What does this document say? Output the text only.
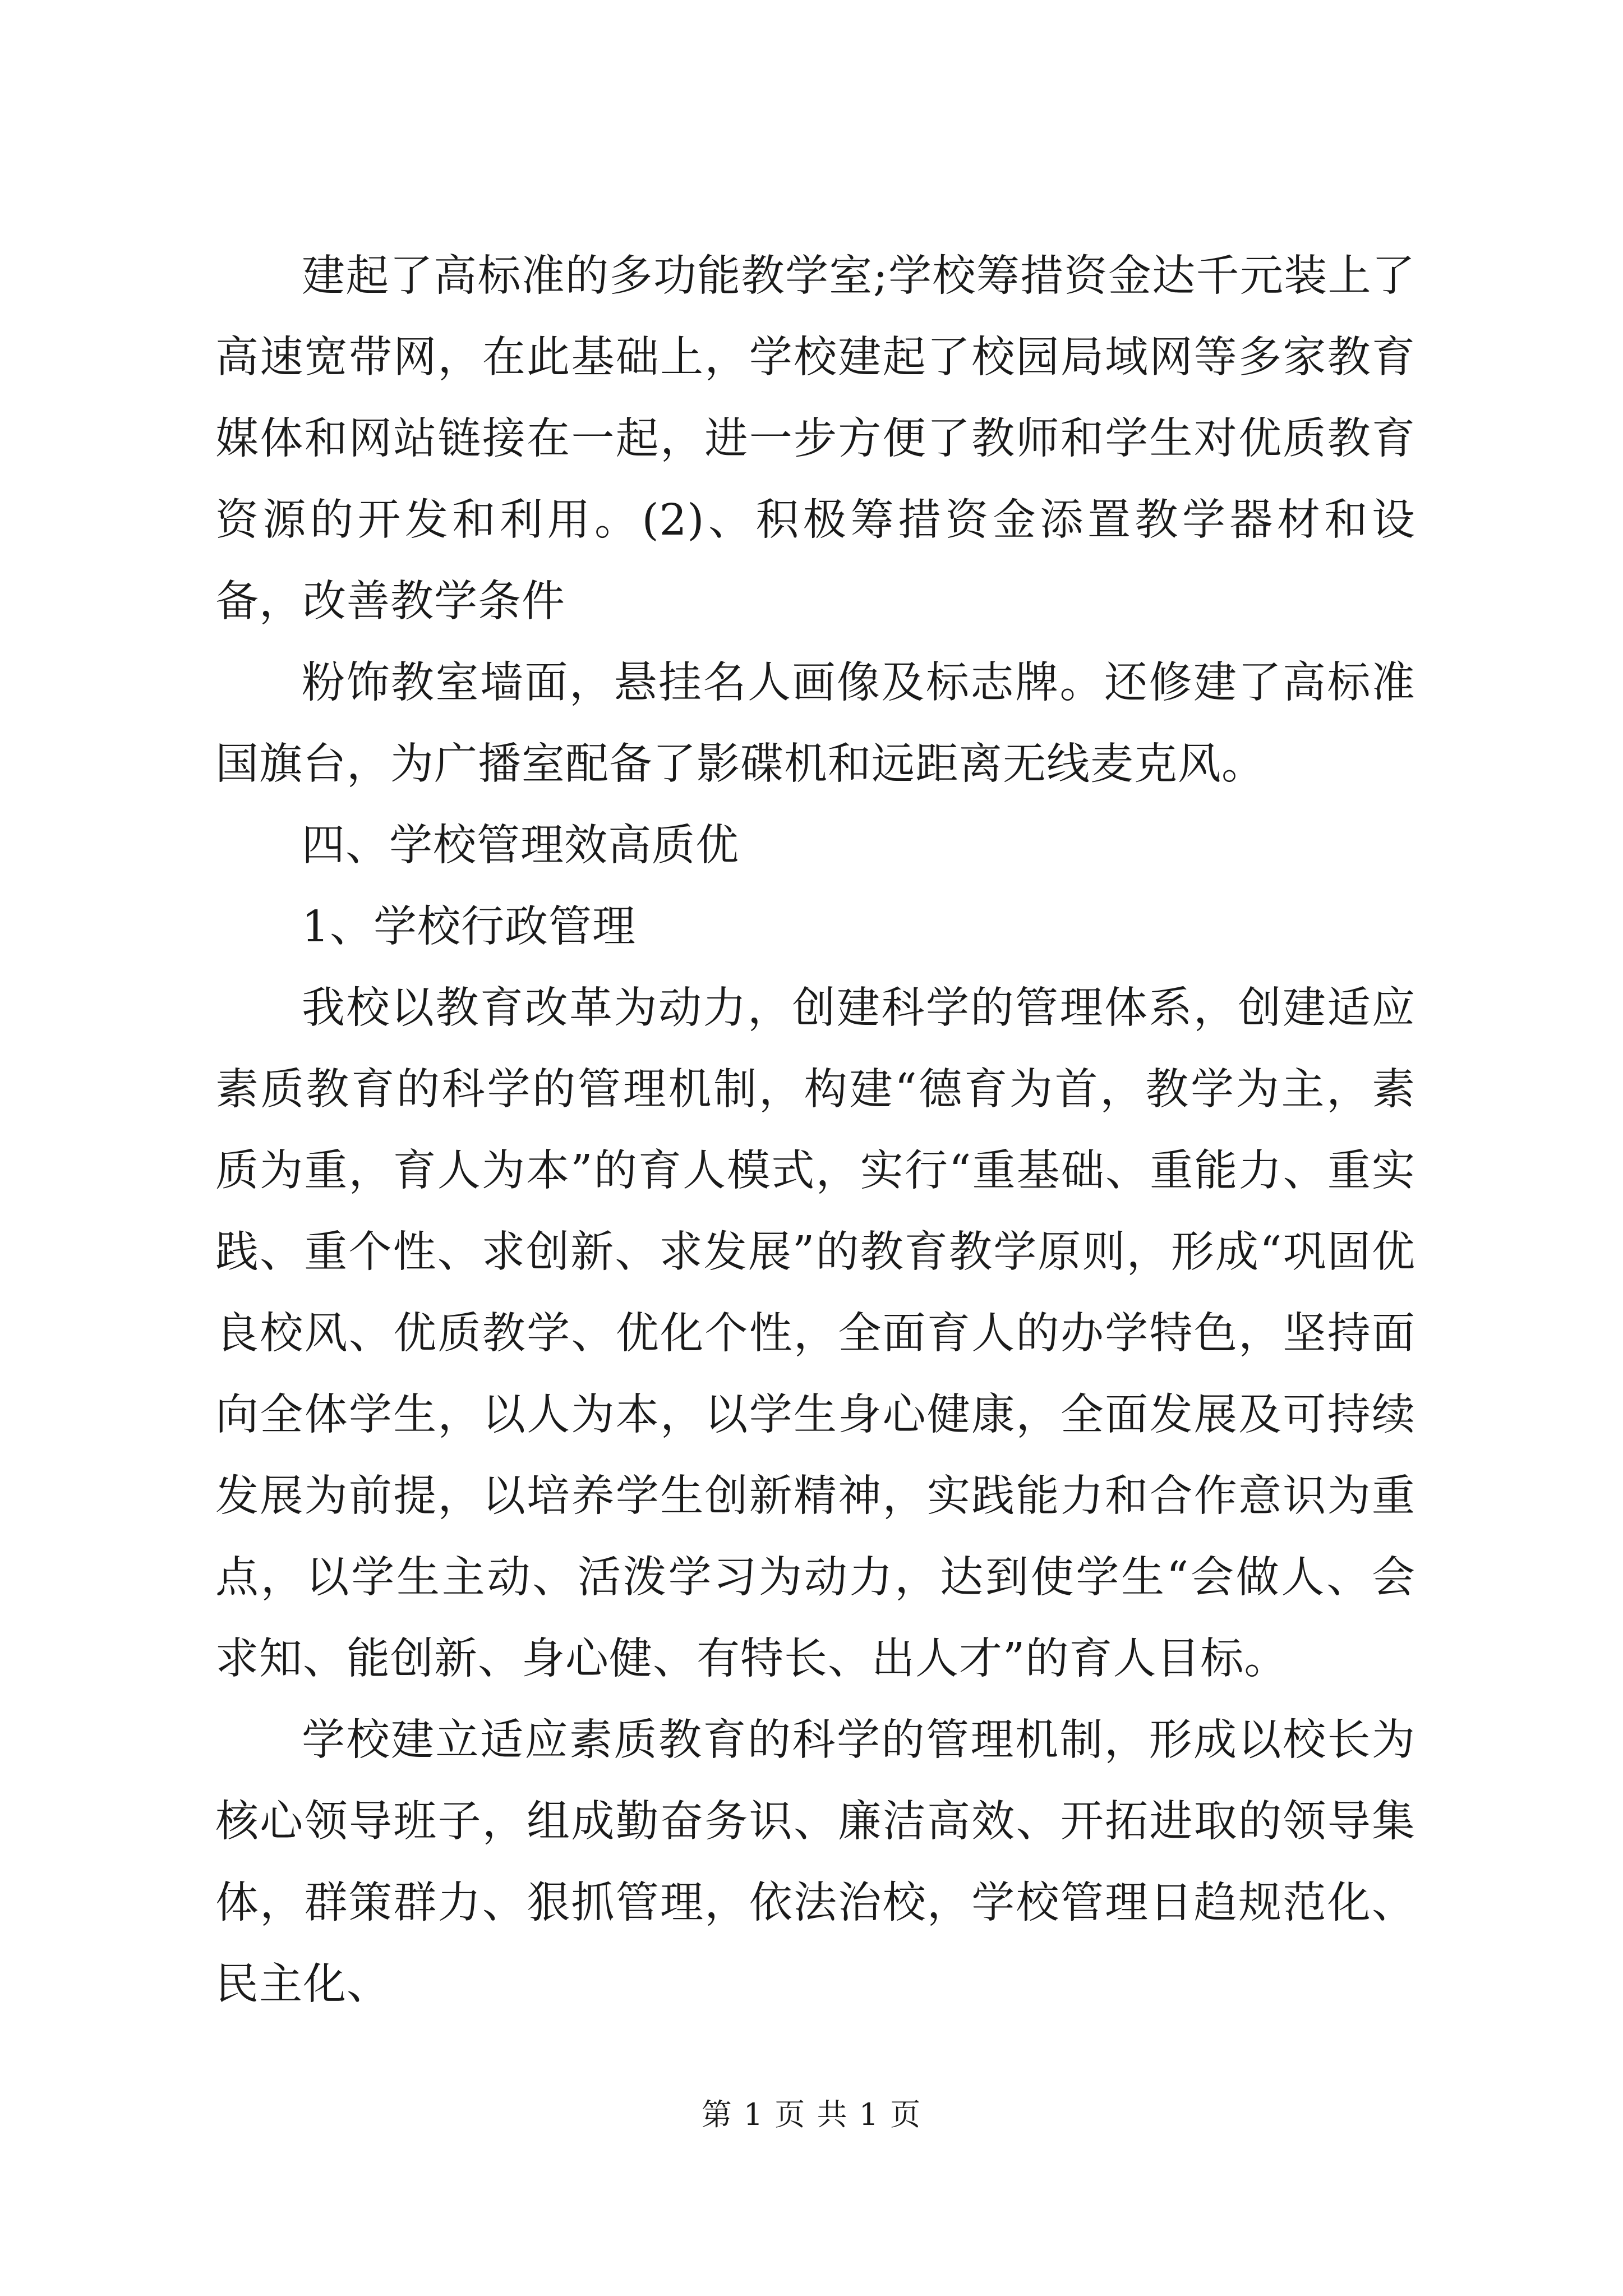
建起了高标准的多功能教学室;学校筹措资金达千元装上了高速宽带网，在此基础上，学校建起了校园局域网等多家教育媒体和网站链接在一起，进一步方便了教师和学生对优质教育资源的开发和利用。(2)、积极筹措资金添置教学器材和设备，改善教学条件

粉饰教室墙面，悬挂名人画像及标志牌。还修建了高标准国旗台，为广播室配备了影碟机和远距离无线麦克风。

四、学校管理效高质优

1、学校行政管理

我校以教育改革为动力，创建科学的管理体系，创建适应素质教育的科学的管理机制，构建“德育为首，教学为主，素质为重，育人为本”的育人模式，实行“重基础、重能力、重实践、重个性、求创新、求发展”的教育教学原则，形成“巩固优良校风、优质教学、优化个性，全面育人的办学特色，坚持面向全体学生，以人为本，以学生身心健康，全面发展及可持续发展为前提，以培养学生创新精神，实践能力和合作意识为重点，以学生主动、活泼学习为动力，达到使学生“会做人、会求知、能创新、身心健、有特长、出人才”的育人目标。

学校建立适应素质教育的科学的管理机制，形成以校长为核心领导班子，组成勤奋务识、廉洁高效、开拓进取的领导集体，群策群力、狠抓管理，依法治校，学校管理日趋规范化、民主化、

第 1 页 共 1 页
